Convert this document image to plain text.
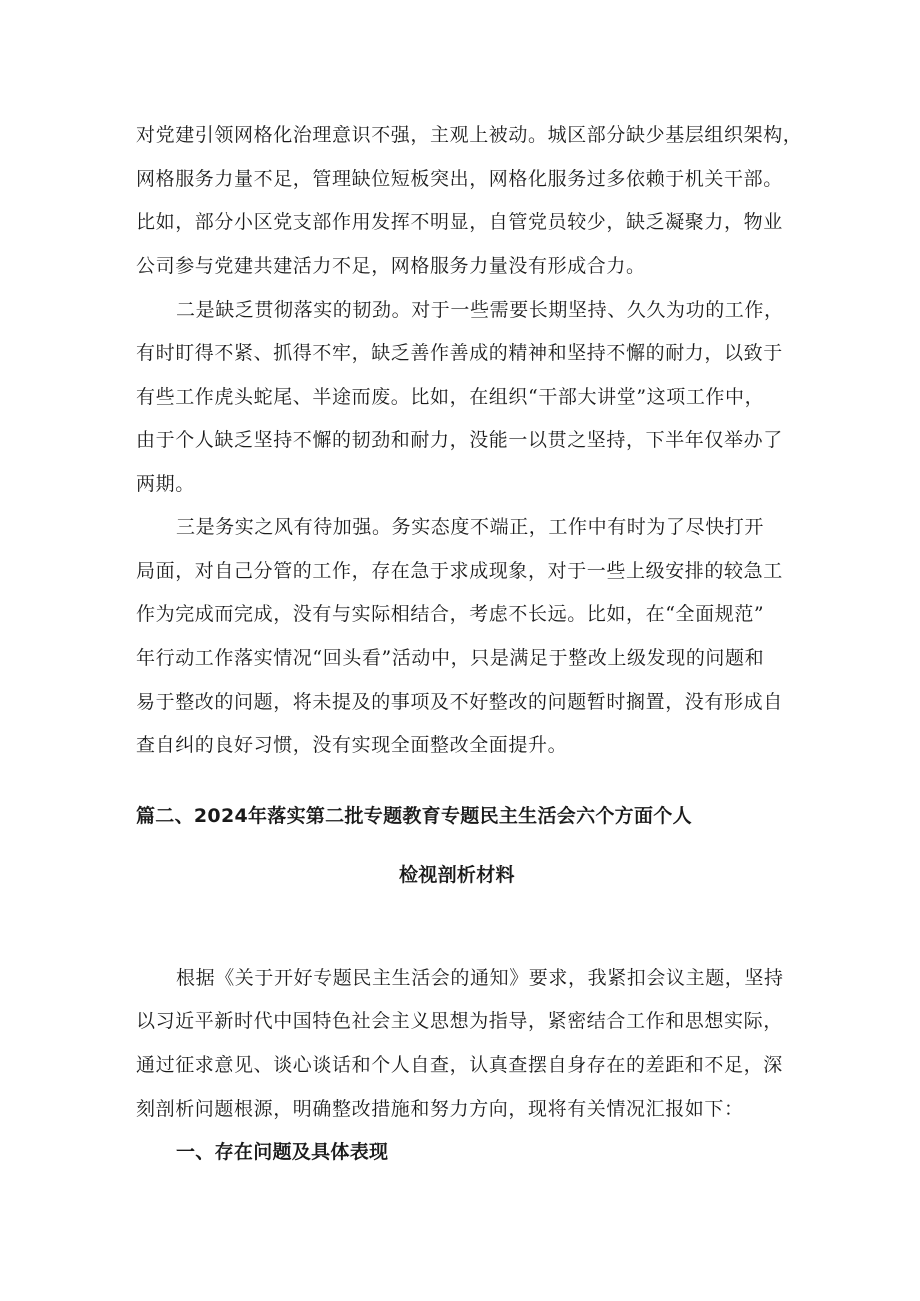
对党建引领网格化治理意识不强，主观上被动。城区部分缺少基层组织架构，
网格服务力量不足，管理缺位短板突出，网格化服务过多依赖于机关干部。
比如，部分小区党支部作用发挥不明显，自管党员较少，缺乏凝聚力，物业
公司参与党建共建活力不足，网格服务力量没有形成合力。
二是缺乏贯彻落实的韧劲。对于一些需要长期坚持、久久为功的工作，
有时盯得不紧、抓得不牢，缺乏善作善成的精神和坚持不懈的耐力，以致于
有些工作虎头蛇尾、半途而废。比如，在组织“干部大讲堂”这项工作中，
由于个人缺乏坚持不懈的韧劲和耐力，没能一以贯之坚持，下半年仅举办了
两期。
三是务实之风有待加强。务实态度不端正，工作中有时为了尽快打开
局面，对自己分管的工作，存在急于求成现象，对于一些上级安排的较急工
作为完成而完成，没有与实际相结合，考虑不长远。比如，在“全面规范”
年行动工作落实情况“回头看”活动中，只是满足于整改上级发现的问题和
易于整改的问题，将未提及的事项及不好整改的问题暂时搁置，没有形成自
查自纠的良好习惯，没有实现全面整改全面提升。
篇二、2024年落实第二批专题教育专题民主生活会六个方面个人
检视剖析材料
根据《关于开好专题民主生活会的通知》要求，我紧扣会议主题，坚持
以习近平新时代中国特色社会主义思想为指导，紧密结合工作和思想实际，
通过征求意见、谈心谈话和个人自查，认真查摆自身存在的差距和不足，深
刻剖析问题根源，明确整改措施和努力方向，现将有关情况汇报如下：
一、存在问题及具体表现
